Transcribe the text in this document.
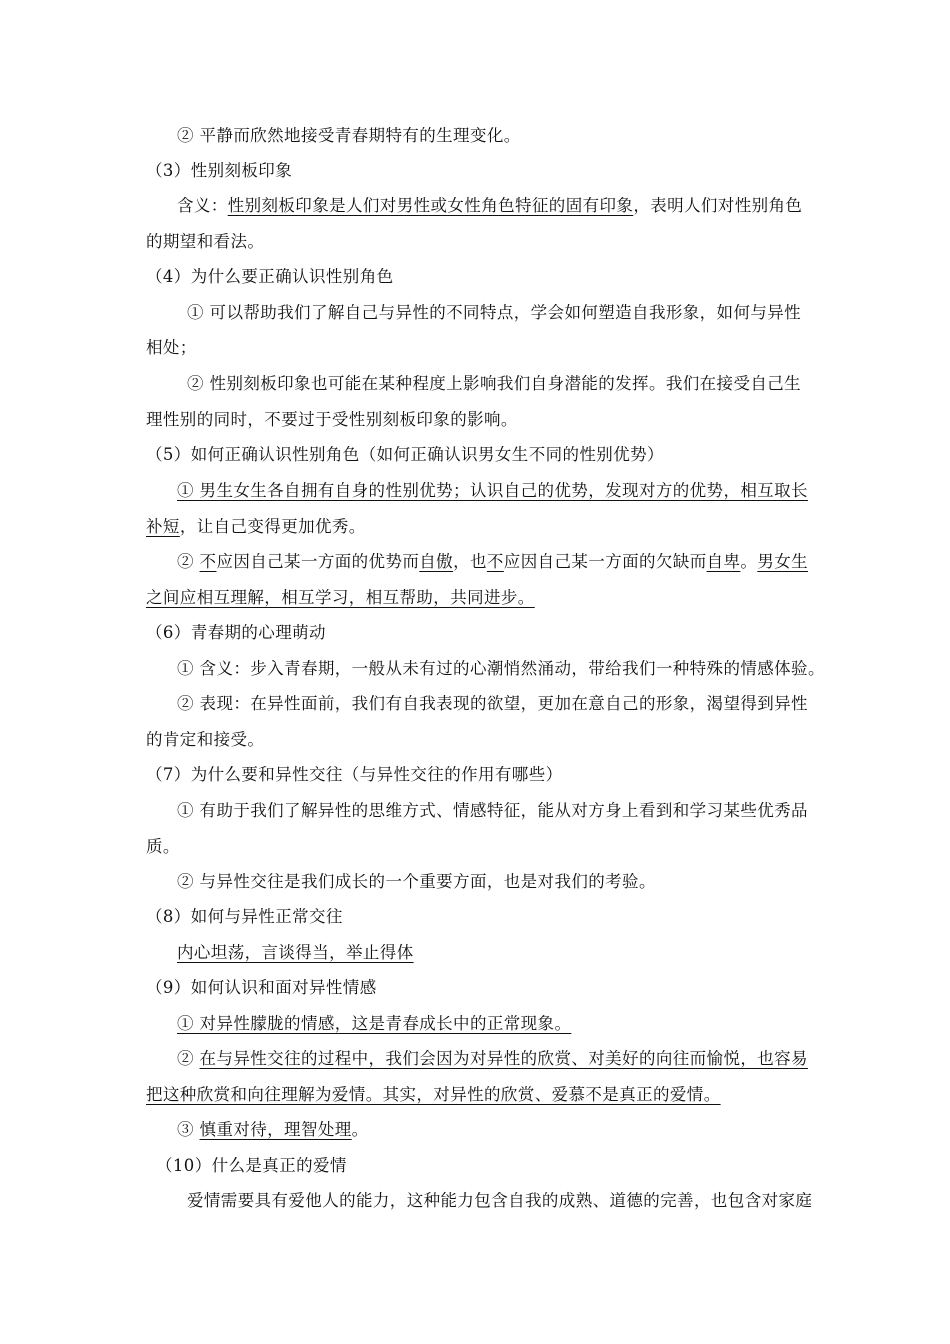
② 平静而欣然地接受青春期特有的生理变化。
（3）性别刻板印象
含义：性别刻板印象是人们对男性或女性角色特征的固有印象，表明人们对性别角色
的期望和看法。
（4）为什么要正确认识性别角色
① 可以帮助我们了解自己与异性的不同特点，学会如何塑造自我形象，如何与异性
相处；
② 性别刻板印象也可能在某种程度上影响我们自身潜能的发挥。我们在接受自己生
理性别的同时，不要过于受性别刻板印象的影响。
（5）如何正确认识性别角色（如何正确认识男女生不同的性别优势）
① 男生女生各自拥有自身的性别优势；认识自己的优势，发现对方的优势，相互取长
补短，让自己变得更加优秀。
② 不应因自己某一方面的优势而自傲，也不应因自己某一方面的欠缺而自卑。男女生
之间应相互理解，相互学习，相互帮助，共同进步。
（6）青春期的心理萌动
① 含义：步入青春期，一般从未有过的心潮悄然涌动，带给我们一种特殊的情感体验。
② 表现：在异性面前，我们有自我表现的欲望，更加在意自己的形象，渴望得到异性
的肯定和接受。
（7）为什么要和异性交往（与异性交往的作用有哪些）
① 有助于我们了解异性的思维方式、情感特征，能从对方身上看到和学习某些优秀品
质。
② 与异性交往是我们成长的一个重要方面，也是对我们的考验。
（8）如何与异性正常交往
内心坦荡，言谈得当，举止得体
（9）如何认识和面对异性情感
① 对异性朦胧的情感，这是青春成长中的正常现象。
② 在与异性交往的过程中，我们会因为对异性的欣赏、对美好的向往而愉悦，也容易
把这种欣赏和向往理解为爱情。其实，对异性的欣赏、爱慕不是真正的爱情。
③ 慎重对待，理智处理。
（10）什么是真正的爱情
爱情需要具有爱他人的能力，这种能力包含自我的成熟、道德的完善，也包含对家庭
